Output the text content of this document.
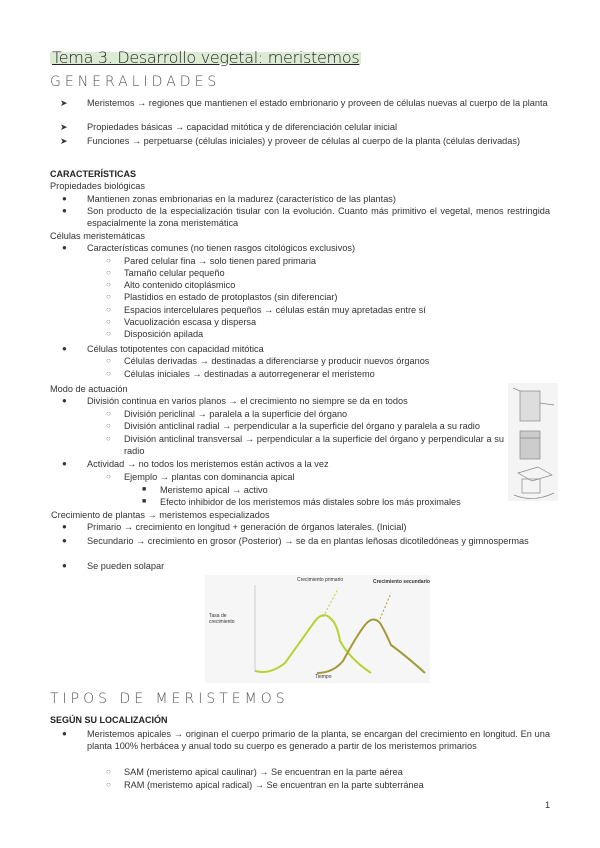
Tema 3. Desarrollo vegetal: meristemos
GENERALIDADES
➤ Meristemos → regiones que mantienen el estado embrionario y proveen de células nuevas al cuerpo de la planta
➤ Propiedades básicas → capacidad mitótica y de diferenciación celular inicial
➤ Funciones → perpetuarse (células iniciales) y proveer de células al cuerpo de la planta (células derivadas)
CARACTERÍSTICAS
Propiedades biológicas
● Mantienen zonas embrionarias en la madurez (característico de las plantas)
● Son producto de la especialización tisular con la evolución. Cuanto más primitivo el vegetal, menos restringida espacialmente la zona meristemática
Células meristemáticas
● Características comunes (no tienen rasgos citológicos exclusivos)
○ Pared celular fina → solo tienen pared primaria
○ Tamaño celular pequeño
○ Alto contenido citoplásmico
○ Plastidios en estado de protoplastos (sin diferenciar)
○ Espacios intercelulares pequeños → células están muy apretadas entre sí
○ Vacuolización escasa y dispersa
○ Disposición apilada
● Células totipotentes con capacidad mitótica
○ Células derivadas → destinadas a diferenciarse y producir nuevos órganos
○ Células iniciales → destinadas a autorregenerar el meristemo
Modo de actuación
● División continua en varios planos → el crecimiento no siempre se da en todos
○ División periclinal → paralela a la superficie del órgano
○ División anticlinal radial → perpendicular a la superficie del órgano y paralela a su radio
○ División anticlinal transversal → perpendicular a la superficie del órgano y perpendicular a su radio
● Actividad → no todos los meristemos están activos a la vez
○ Ejemplo → plantas con dominancia apical
■ Meristemo apical → activo
■ Efecto inhibidor de los meristemos más distales sobre los más proximales
Crecimiento de plantas → meristemos especializados
● Primario → crecimiento en longitud + generación de órganos laterales. (Inicial)
● Secundario → crecimiento en grosor (Posterior) → se da en plantas leñosas dicotiledóneas y gimnospermas
● Se pueden solapar
Tasa de crecimiento
Crecimiento primario	Crecimiento secundario
Tiempo
TIPOS DE MERISTEMOS
SEGÚN SU LOCALIZACIÓN
● Meristemos apicales → originan el cuerpo primario de la planta, se encargan del crecimiento en longitud. En una planta 100% herbácea y anual todo su cuerpo es generado a partir de los meristemos primarios
○ SAM (meristemo apical caulinar) → Se encuentran en la parte aérea
○ RAM (meristemo apical radical) → Se encuentran en la parte subterránea
1
